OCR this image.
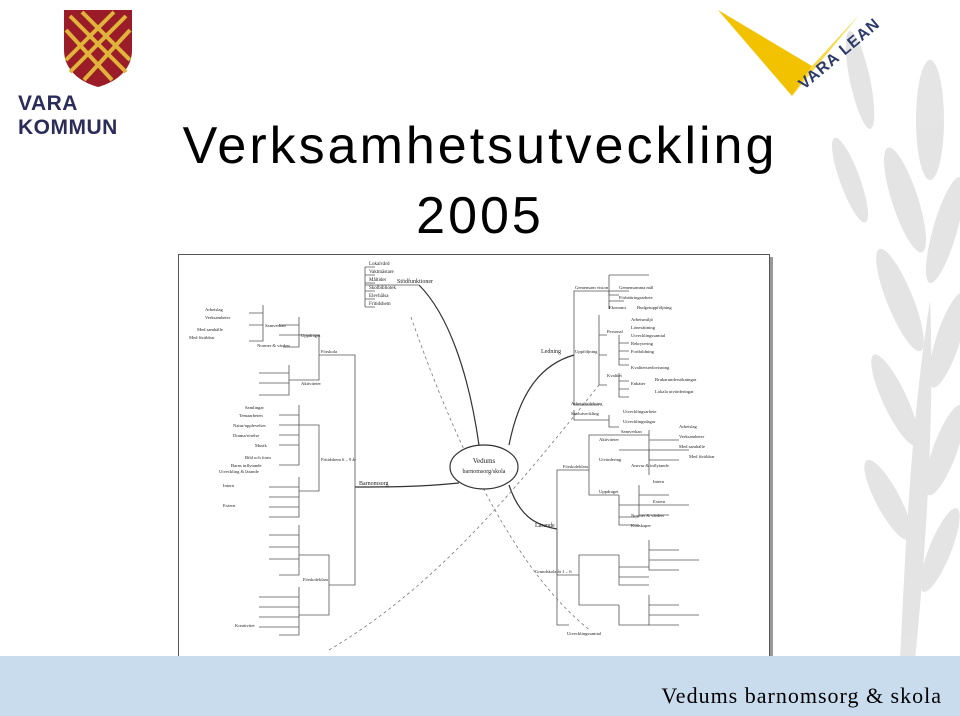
VARA KOMMUN
VARA LEAN
Verksamhetsutveckling
2005
Vedums
barnomsorg/skola
Stödfunktioner
Ledning
Barnomsorg
Lärande
Lokalvård
Vaktmästare
Måltider
Skolbibliotek
Elevhälsa
Fritidshem
Gemensam vision Gemensamma mål
Förbättringsarbete
Ekonomi Budgetuppföljning
Personal
Arbetsmiljö
Lönesättning
Utvecklingssamtal
Rekrytering
Fortbildning
Kvalitet
Uppföljning
Kvalitetsredovisning
Enkäter
Brukarundersökningar
Lokala utvärderingar
Arbetsfördelning
Skolutveckling	Utvecklingsarbete
Utvecklingsdagar
Förskola
Fritidshem 6 – 9 år
Uppdraget
Aktiviteter
Samverkan
Arbetslag
Verksamheter
Med samhälle
Med föräldrar
Normer & värden
Samlingar
Temaarbeten
Natur/upplevelser
Drama/rörelse
Musik
Bild och form
Utveckling & lärande
Barns inflytande
Intern
Extern
Förskoleklass
Kreativitet
Förskoleklass
Grundskola år 1 – 6
Uppdraget
Aktiviteter
Samverkan
Utvärdering
Arbetslag
Verksamheter
Med samhälle
Med föräldrar
Normer & värden
Ansvar & inflytande
Kunskaper
Utvecklingssamtal
Intern
Extern
Vedums barnomsorg & skola
